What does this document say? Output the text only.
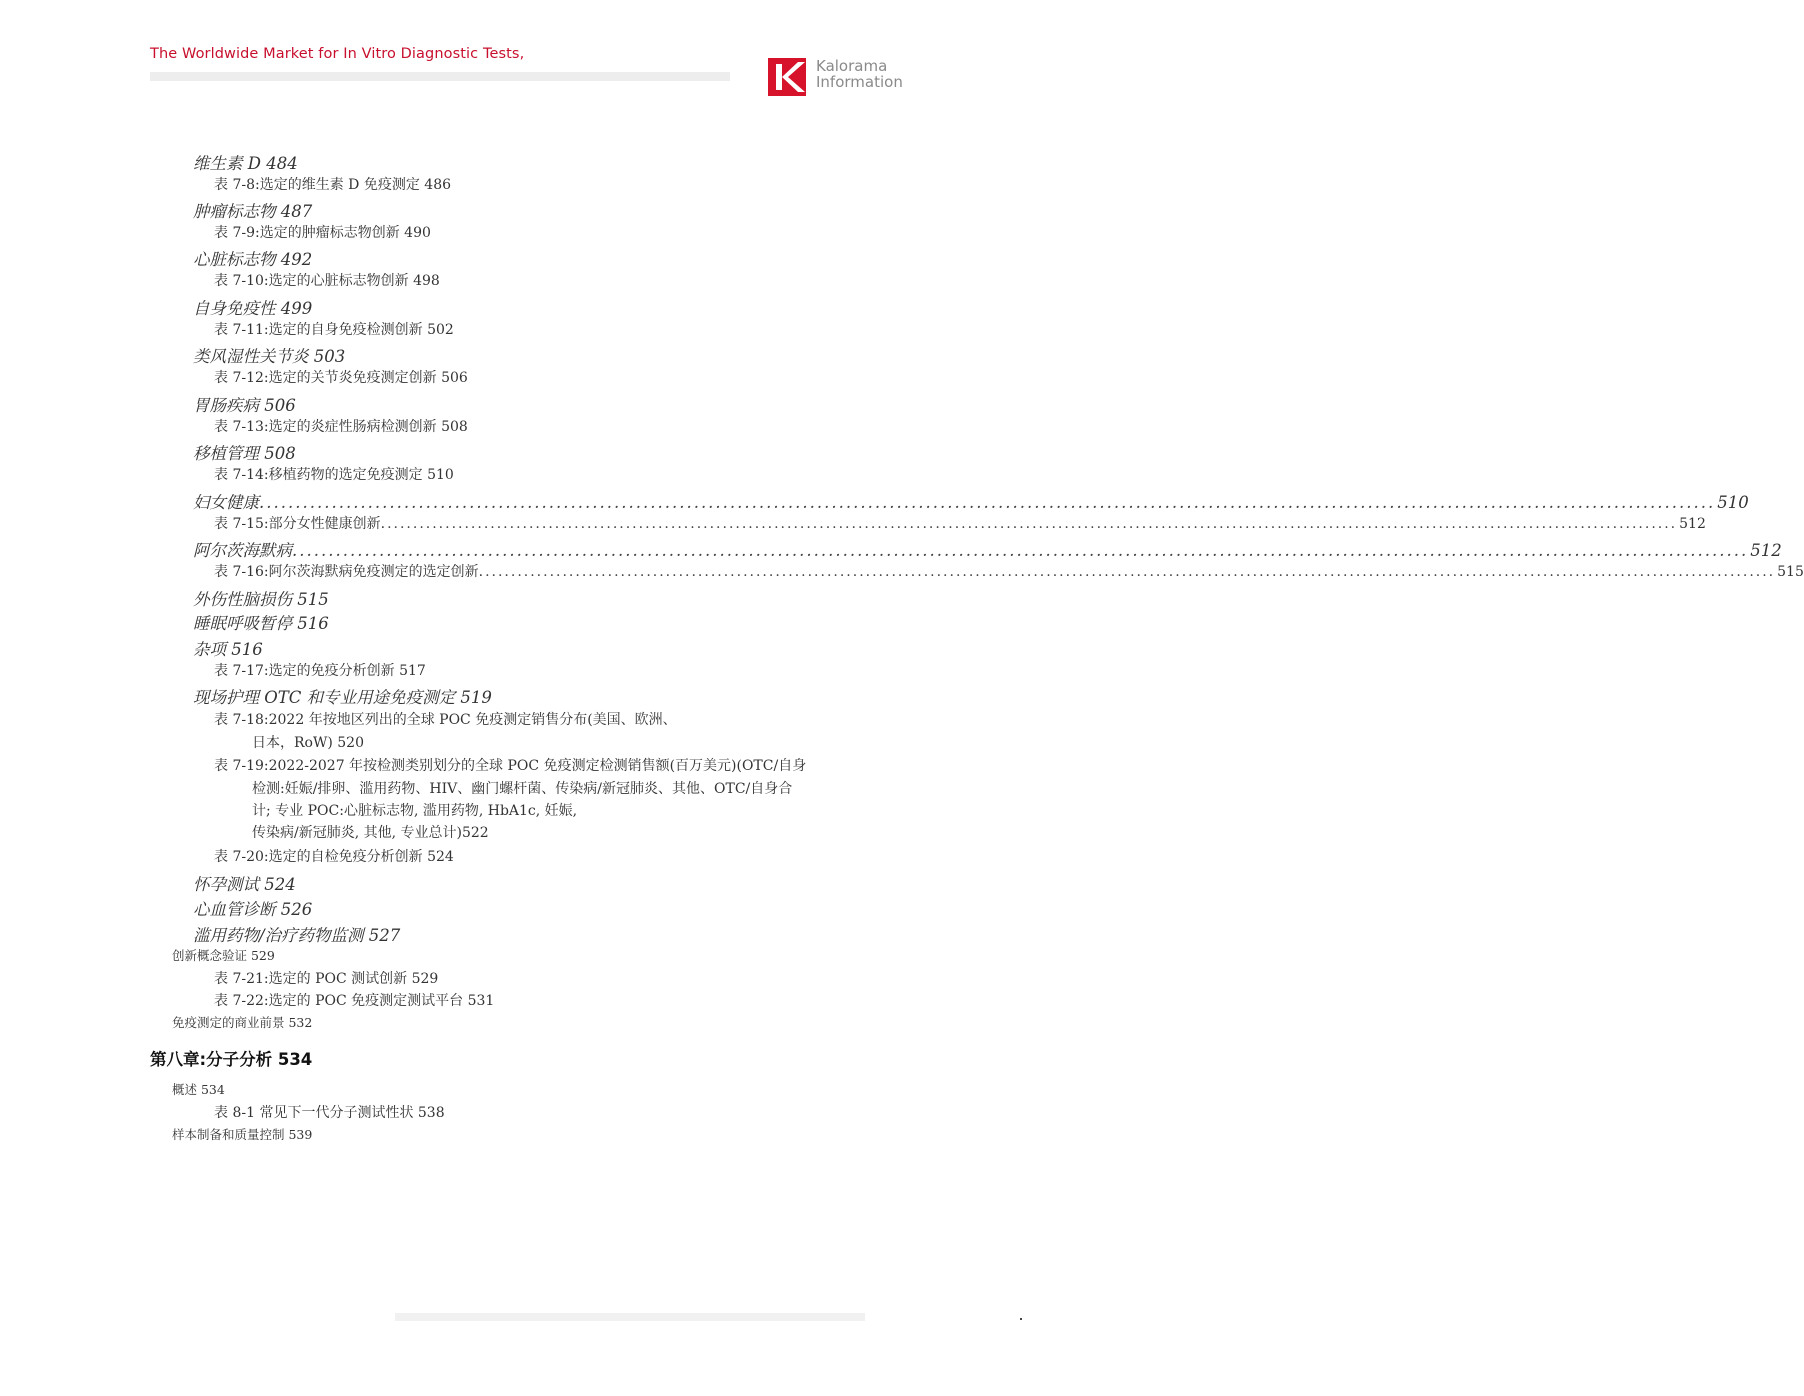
The Worldwide Market for In Vitro Diagnostic Tests,
Kalorama
Information
维生素 D 484
表 7-8:选定的维生素 D 免疫测定 486
肿瘤标志物 487
表 7-9:选定的肿瘤标志物创新 490
心脏标志物 492
表 7-10:选定的心脏标志物创新 498
自身免疫性 499
表 7-11:选定的自身免疫检测创新 502
类风湿性关节炎 503
表 7-12:选定的关节炎免疫测定创新 506
胃肠疾病 506
表 7-13:选定的炎症性肠病检测创新 508
移植管理 508
表 7-14:移植药物的选定免疫测定 510
妇女健康. ........................................................................................................................................................................................................ 510
表 7-15:部分女性健康创新. ........................................................................................................................................................................................................ 512
阿尔茨海默病. ........................................................................................................................................................................................................ 512
表 7-16:阿尔茨海默病免疫测定的选定创新. ........................................................................................................................................................................................................ 515
外伤性脑损伤 515
睡眠呼吸暂停 516
杂项 516
表 7-17:选定的免疫分析创新 517
现场护理 OTC 和专业用途免疫测定 519
表 7-18:2022 年按地区列出的全球 POC 免疫测定销售分布(美国、欧洲、
日本，RoW) 520
表 7-19:2022-2027 年按检测类别划分的全球 POC 免疫测定检测销售额(百万美元)(OTC/自身
检测:妊娠/排卵、滥用药物、HIV、幽门螺杆菌、传染病/新冠肺炎、其他、OTC/自身合
计; 专业 POC:心脏标志物, 滥用药物, HbA1c, 妊娠,
传染病/新冠肺炎, 其他, 专业总计)522
表 7-20:选定的自检免疫分析创新 524
怀孕测试 524
心血管诊断 526
滥用药物/治疗药物监测 527
创新概念验证 529
表 7-21:选定的 POC 测试创新 529
表 7-22:选定的 POC 免疫测定测试平台 531
免疫测定的商业前景 532
第八章:分子分析 534
概述 534
表 8-1 常见下一代分子测试性状 538
样本制备和质量控制 539
